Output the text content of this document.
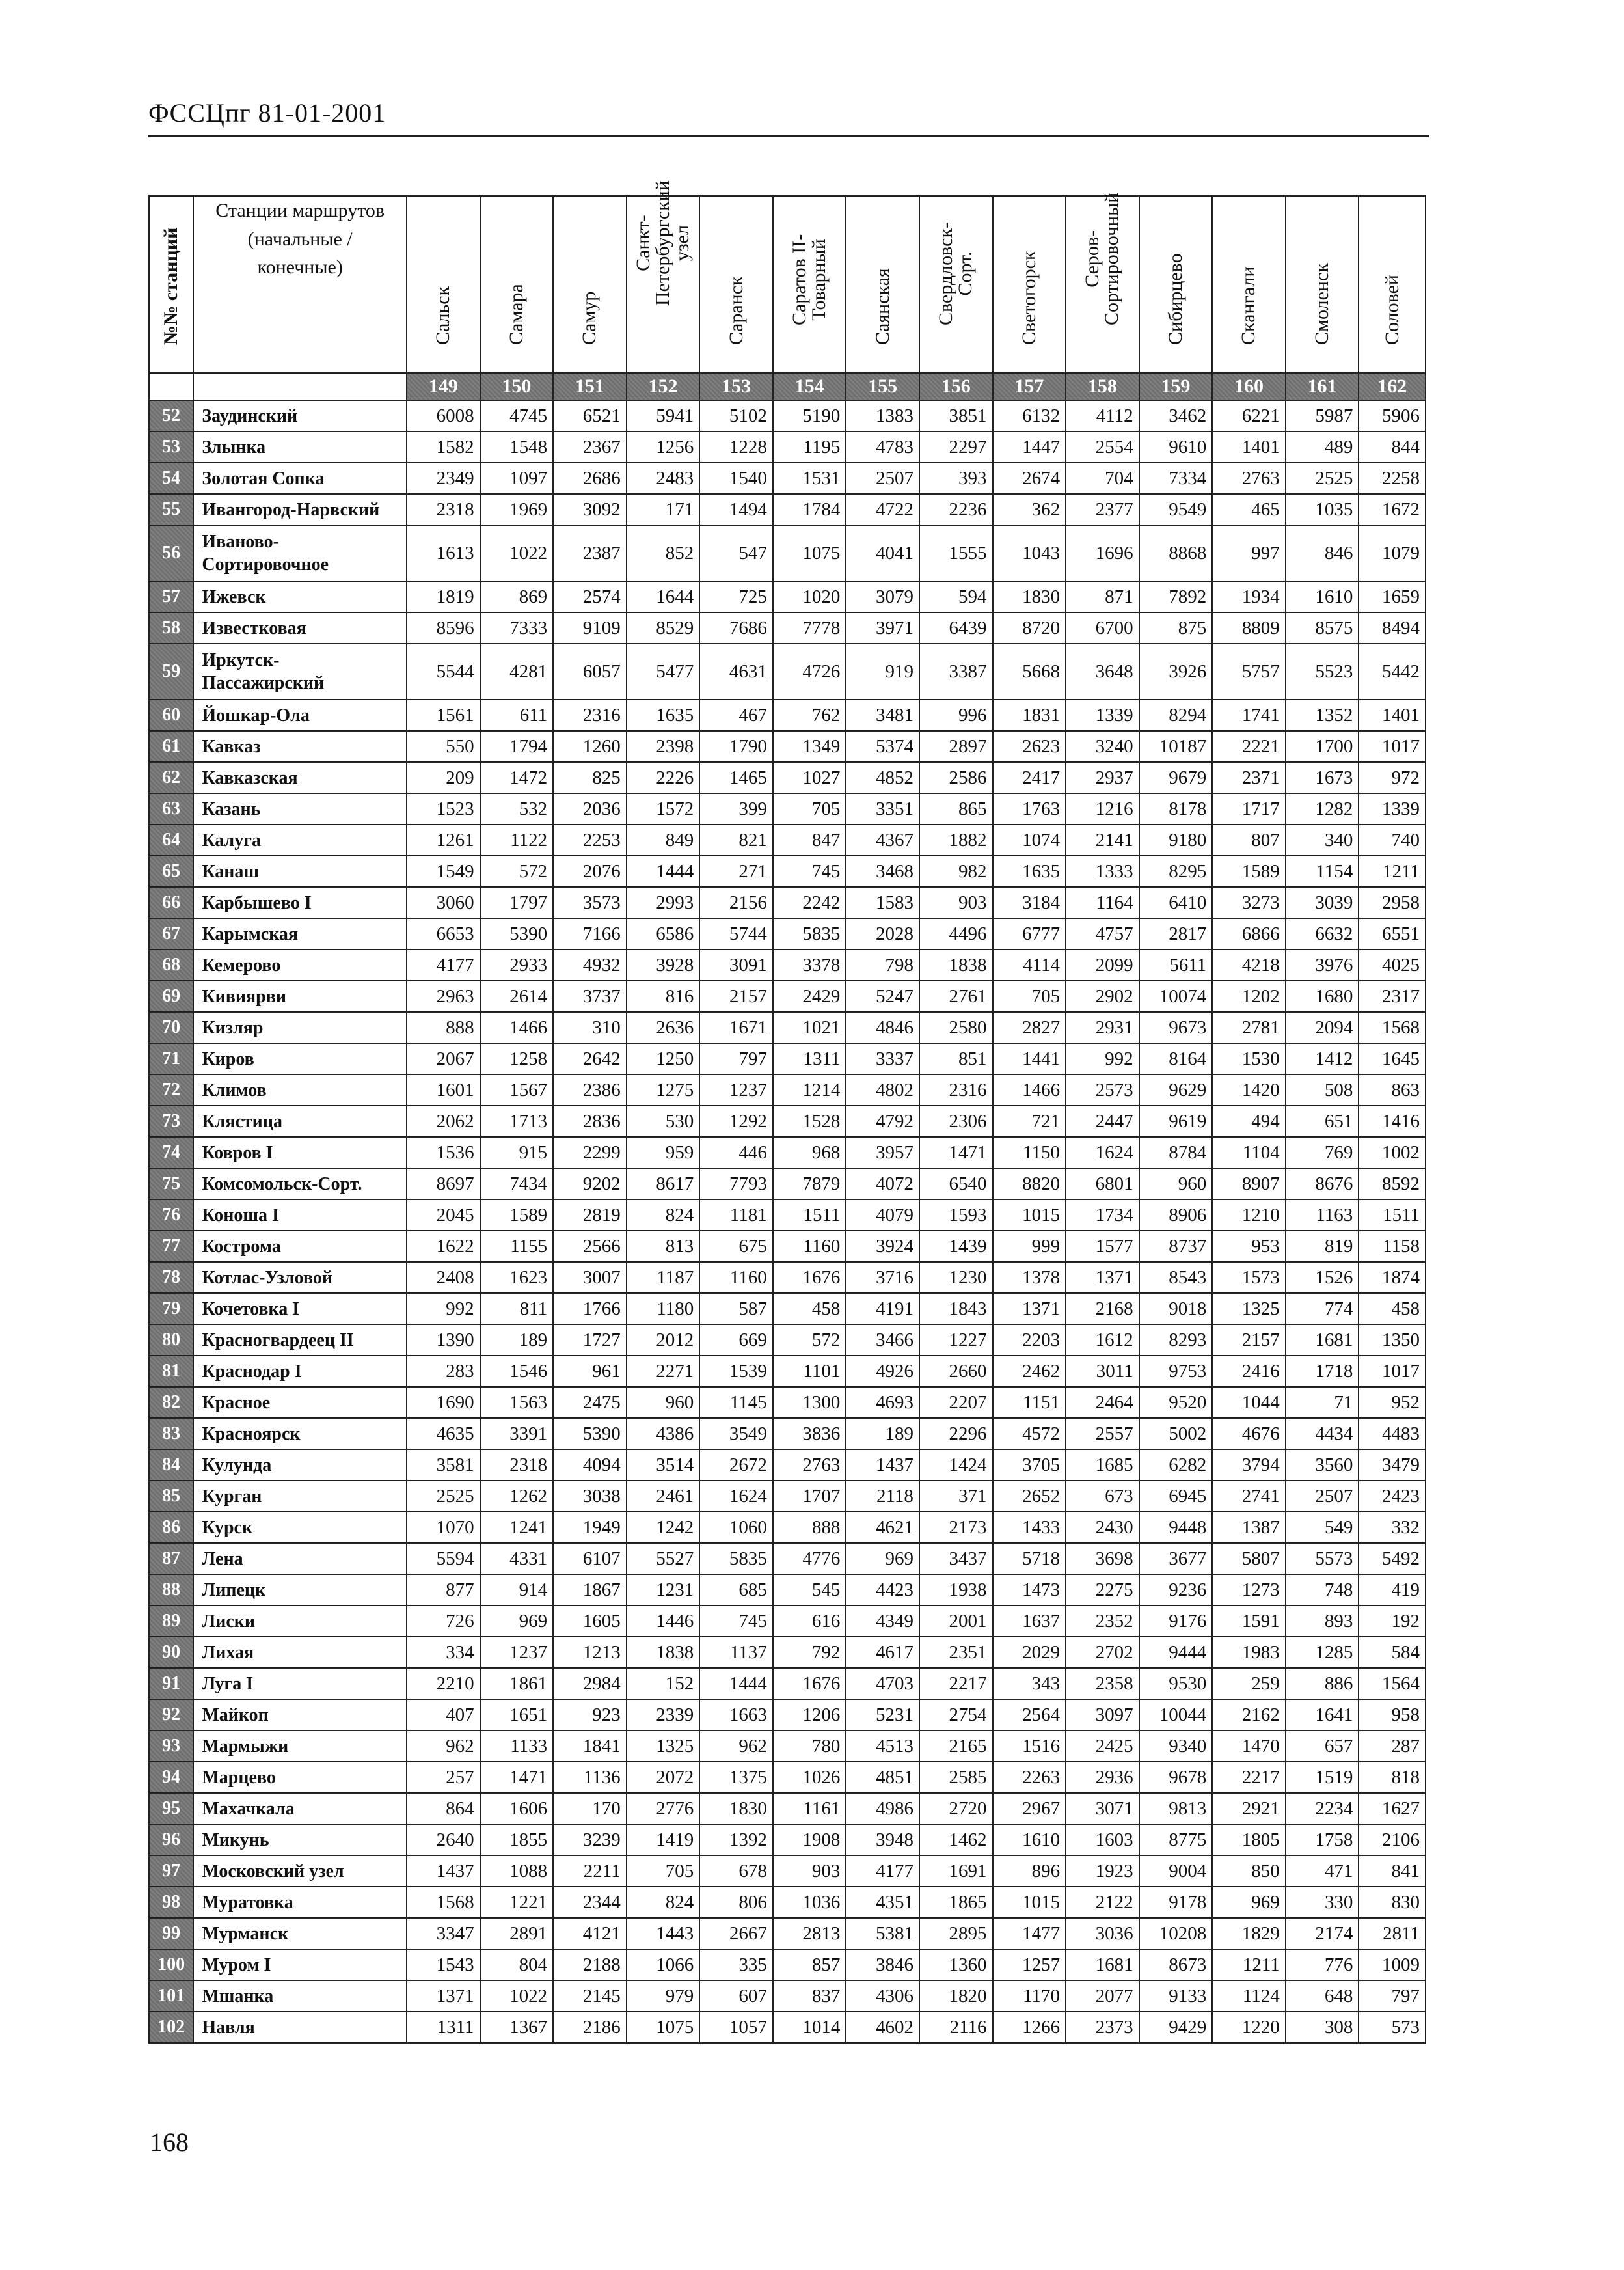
ФССЦпг 81-01-2001
№№ станций	Станции маршрутов
(начальные /
конечные)	Сальск	Самара	Самур	Санкт-
Петербургский
узел	Саранск	Саратов II-
Товарный	Саянская	Свердловск-
Сорт.	Светогорск	Серов-
Сортировочный	Сибирцево	Скангали	Смоленск	Соловей

		149	150	151	152	153	154	155	156	157	158	159	160	161	162
52	Заудинский	6008	4745	6521	5941	5102	5190	1383	3851	6132	4112	3462	6221	5987	5906
53	Злынка	1582	1548	2367	1256	1228	1195	4783	2297	1447	2554	9610	1401	489	844
54	Золотая Сопка	2349	1097	2686	2483	1540	1531	2507	393	2674	704	7334	2763	2525	2258
55	Ивангород-Нарвский	2318	1969	3092	171	1494	1784	4722	2236	362	2377	9549	465	1035	1672
56	Иваново-
Сортировочное	1613	1022	2387	852	547	1075	4041	1555	1043	1696	8868	997	846	1079
57	Ижевск	1819	869	2574	1644	725	1020	3079	594	1830	871	7892	1934	1610	1659
58	Известковая	8596	7333	9109	8529	7686	7778	3971	6439	8720	6700	875	8809	8575	8494
59	Иркутск-
Пассажирский	5544	4281	6057	5477	4631	4726	919	3387	5668	3648	3926	5757	5523	5442
60	Йошкар-Ола	1561	611	2316	1635	467	762	3481	996	1831	1339	8294	1741	1352	1401
61	Кавказ	550	1794	1260	2398	1790	1349	5374	2897	2623	3240	10187	2221	1700	1017
62	Кавказская	209	1472	825	2226	1465	1027	4852	2586	2417	2937	9679	2371	1673	972
63	Казань	1523	532	2036	1572	399	705	3351	865	1763	1216	8178	1717	1282	1339
64	Калуга	1261	1122	2253	849	821	847	4367	1882	1074	2141	9180	807	340	740
65	Канаш	1549	572	2076	1444	271	745	3468	982	1635	1333	8295	1589	1154	1211
66	Карбышево I	3060	1797	3573	2993	2156	2242	1583	903	3184	1164	6410	3273	3039	2958
67	Карымская	6653	5390	7166	6586	5744	5835	2028	4496	6777	4757	2817	6866	6632	6551
68	Кемерово	4177	2933	4932	3928	3091	3378	798	1838	4114	2099	5611	4218	3976	4025
69	Кивиярви	2963	2614	3737	816	2157	2429	5247	2761	705	2902	10074	1202	1680	2317
70	Кизляр	888	1466	310	2636	1671	1021	4846	2580	2827	2931	9673	2781	2094	1568
71	Киров	2067	1258	2642	1250	797	1311	3337	851	1441	992	8164	1530	1412	1645
72	Климов	1601	1567	2386	1275	1237	1214	4802	2316	1466	2573	9629	1420	508	863
73	Клястица	2062	1713	2836	530	1292	1528	4792	2306	721	2447	9619	494	651	1416
74	Ковров I	1536	915	2299	959	446	968	3957	1471	1150	1624	8784	1104	769	1002
75	Комсомольск-Сорт.	8697	7434	9202	8617	7793	7879	4072	6540	8820	6801	960	8907	8676	8592
76	Коноша I	2045	1589	2819	824	1181	1511	4079	1593	1015	1734	8906	1210	1163	1511
77	Кострома	1622	1155	2566	813	675	1160	3924	1439	999	1577	8737	953	819	1158
78	Котлас-Узловой	2408	1623	3007	1187	1160	1676	3716	1230	1378	1371	8543	1573	1526	1874
79	Кочетовка I	992	811	1766	1180	587	458	4191	1843	1371	2168	9018	1325	774	458
80	Красногвардеец II	1390	189	1727	2012	669	572	3466	1227	2203	1612	8293	2157	1681	1350
81	Краснодар I	283	1546	961	2271	1539	1101	4926	2660	2462	3011	9753	2416	1718	1017
82	Красное	1690	1563	2475	960	1145	1300	4693	2207	1151	2464	9520	1044	71	952
83	Красноярск	4635	3391	5390	4386	3549	3836	189	2296	4572	2557	5002	4676	4434	4483
84	Кулунда	3581	2318	4094	3514	2672	2763	1437	1424	3705	1685	6282	3794	3560	3479
85	Курган	2525	1262	3038	2461	1624	1707	2118	371	2652	673	6945	2741	2507	2423
86	Курск	1070	1241	1949	1242	1060	888	4621	2173	1433	2430	9448	1387	549	332
87	Лена	5594	4331	6107	5527	5835	4776	969	3437	5718	3698	3677	5807	5573	5492
88	Липецк	877	914	1867	1231	685	545	4423	1938	1473	2275	9236	1273	748	419
89	Лиски	726	969	1605	1446	745	616	4349	2001	1637	2352	9176	1591	893	192
90	Лихая	334	1237	1213	1838	1137	792	4617	2351	2029	2702	9444	1983	1285	584
91	Луга I	2210	1861	2984	152	1444	1676	4703	2217	343	2358	9530	259	886	1564
92	Майкоп	407	1651	923	2339	1663	1206	5231	2754	2564	3097	10044	2162	1641	958
93	Мармыжи	962	1133	1841	1325	962	780	4513	2165	1516	2425	9340	1470	657	287
94	Марцево	257	1471	1136	2072	1375	1026	4851	2585	2263	2936	9678	2217	1519	818
95	Махачкала	864	1606	170	2776	1830	1161	4986	2720	2967	3071	9813	2921	2234	1627
96	Микунь	2640	1855	3239	1419	1392	1908	3948	1462	1610	1603	8775	1805	1758	2106
97	Московский узел	1437	1088	2211	705	678	903	4177	1691	896	1923	9004	850	471	841
98	Муратовка	1568	1221	2344	824	806	1036	4351	1865	1015	2122	9178	969	330	830
99	Мурманск	3347	2891	4121	1443	2667	2813	5381	2895	1477	3036	10208	1829	2174	2811
100	Муром I	1543	804	2188	1066	335	857	3846	1360	1257	1681	8673	1211	776	1009
101	Мшанка	1371	1022	2145	979	607	837	4306	1820	1170	2077	9133	1124	648	797
102	Навля	1311	1367	2186	1075	1057	1014	4602	2116	1266	2373	9429	1220	308	573
168
